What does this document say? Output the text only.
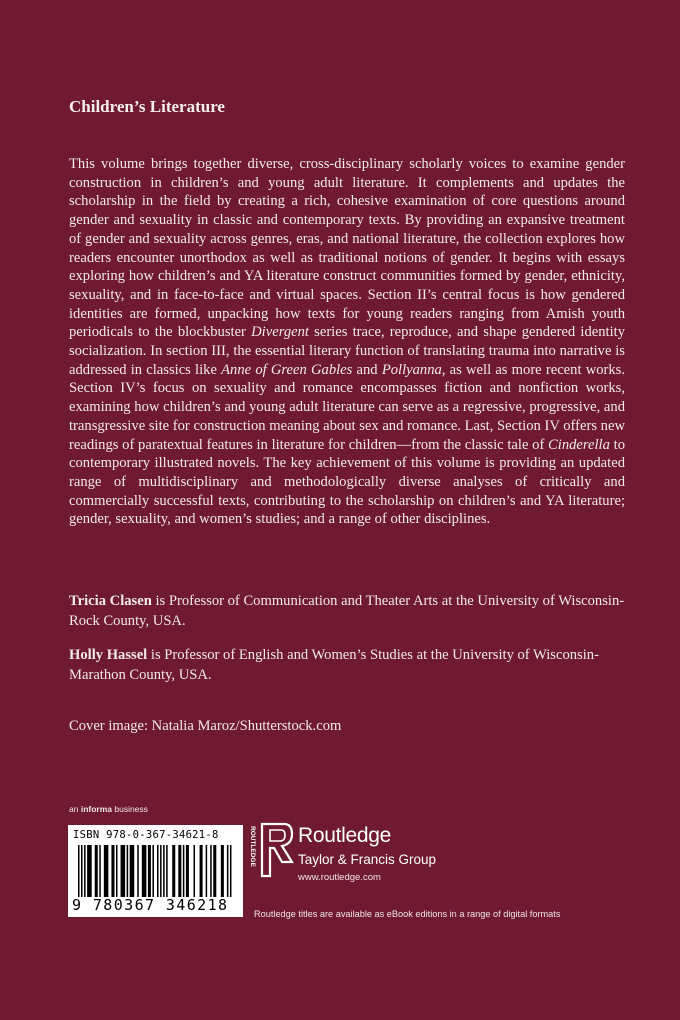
Children’s Literature

This volume brings together diverse, cross-disciplinary scholarly voices to examine gender construction in children’s and young adult literature. It complements and updates the scholarship in the field by creating a rich, cohesive examination of core questions around gender and sexuality in classic and contemporary texts. By providing an expansive treatment of gender and sexuality across genres, eras, and national literature, the collection explores how readers encounter unorthodox as well as traditional notions of gender. It begins with essays exploring how children’s and YA literature construct communities formed by gender, ethnicity, sexuality, and in face-to-face and virtual spaces. Section II’s central focus is how gendered identities are formed, unpacking how texts for young readers ranging from Amish youth periodicals to the blockbuster Divergent series trace, reproduce, and shape gendered identity socialization. In section III, the essential literary function of translating trauma into narrative is addressed in classics like Anne of Green Gables and Pollyanna, as well as more recent works. Section IV’s focus on sexuality and romance encompasses fiction and nonfiction works, examining how children’s and young adult literature can serve as a regressive, progressive, and transgressive site for construction meaning about sex and romance. Last, Section IV offers new readings of paratextual features in literature for children—from the classic tale of Cinderella to contemporary illustrated novels. The key achievement of this volume is providing an updated range of multidisciplinary and methodologically diverse analyses of critically and commercially successful texts, contributing to the scholarship on children’s and YA literature; gender, sexuality, and women’s studies; and a range of other disciplines.

Tricia Clasen is Professor of Communication and Theater Arts at the University of Wisconsin-Rock County, USA.

Holly Hassel is Professor of English and Women’s Studies at the University of Wisconsin-Marathon County, USA.

Cover image: Natalia Maroz/Shutterstock.com

an informa business
ISBN 978-0-367-34621-8
9 780367 346218
ROUTLEDGE Routledge
Taylor & Francis Group
www.routledge.com
Routledge titles are available as eBook editions in a range of digital formats
